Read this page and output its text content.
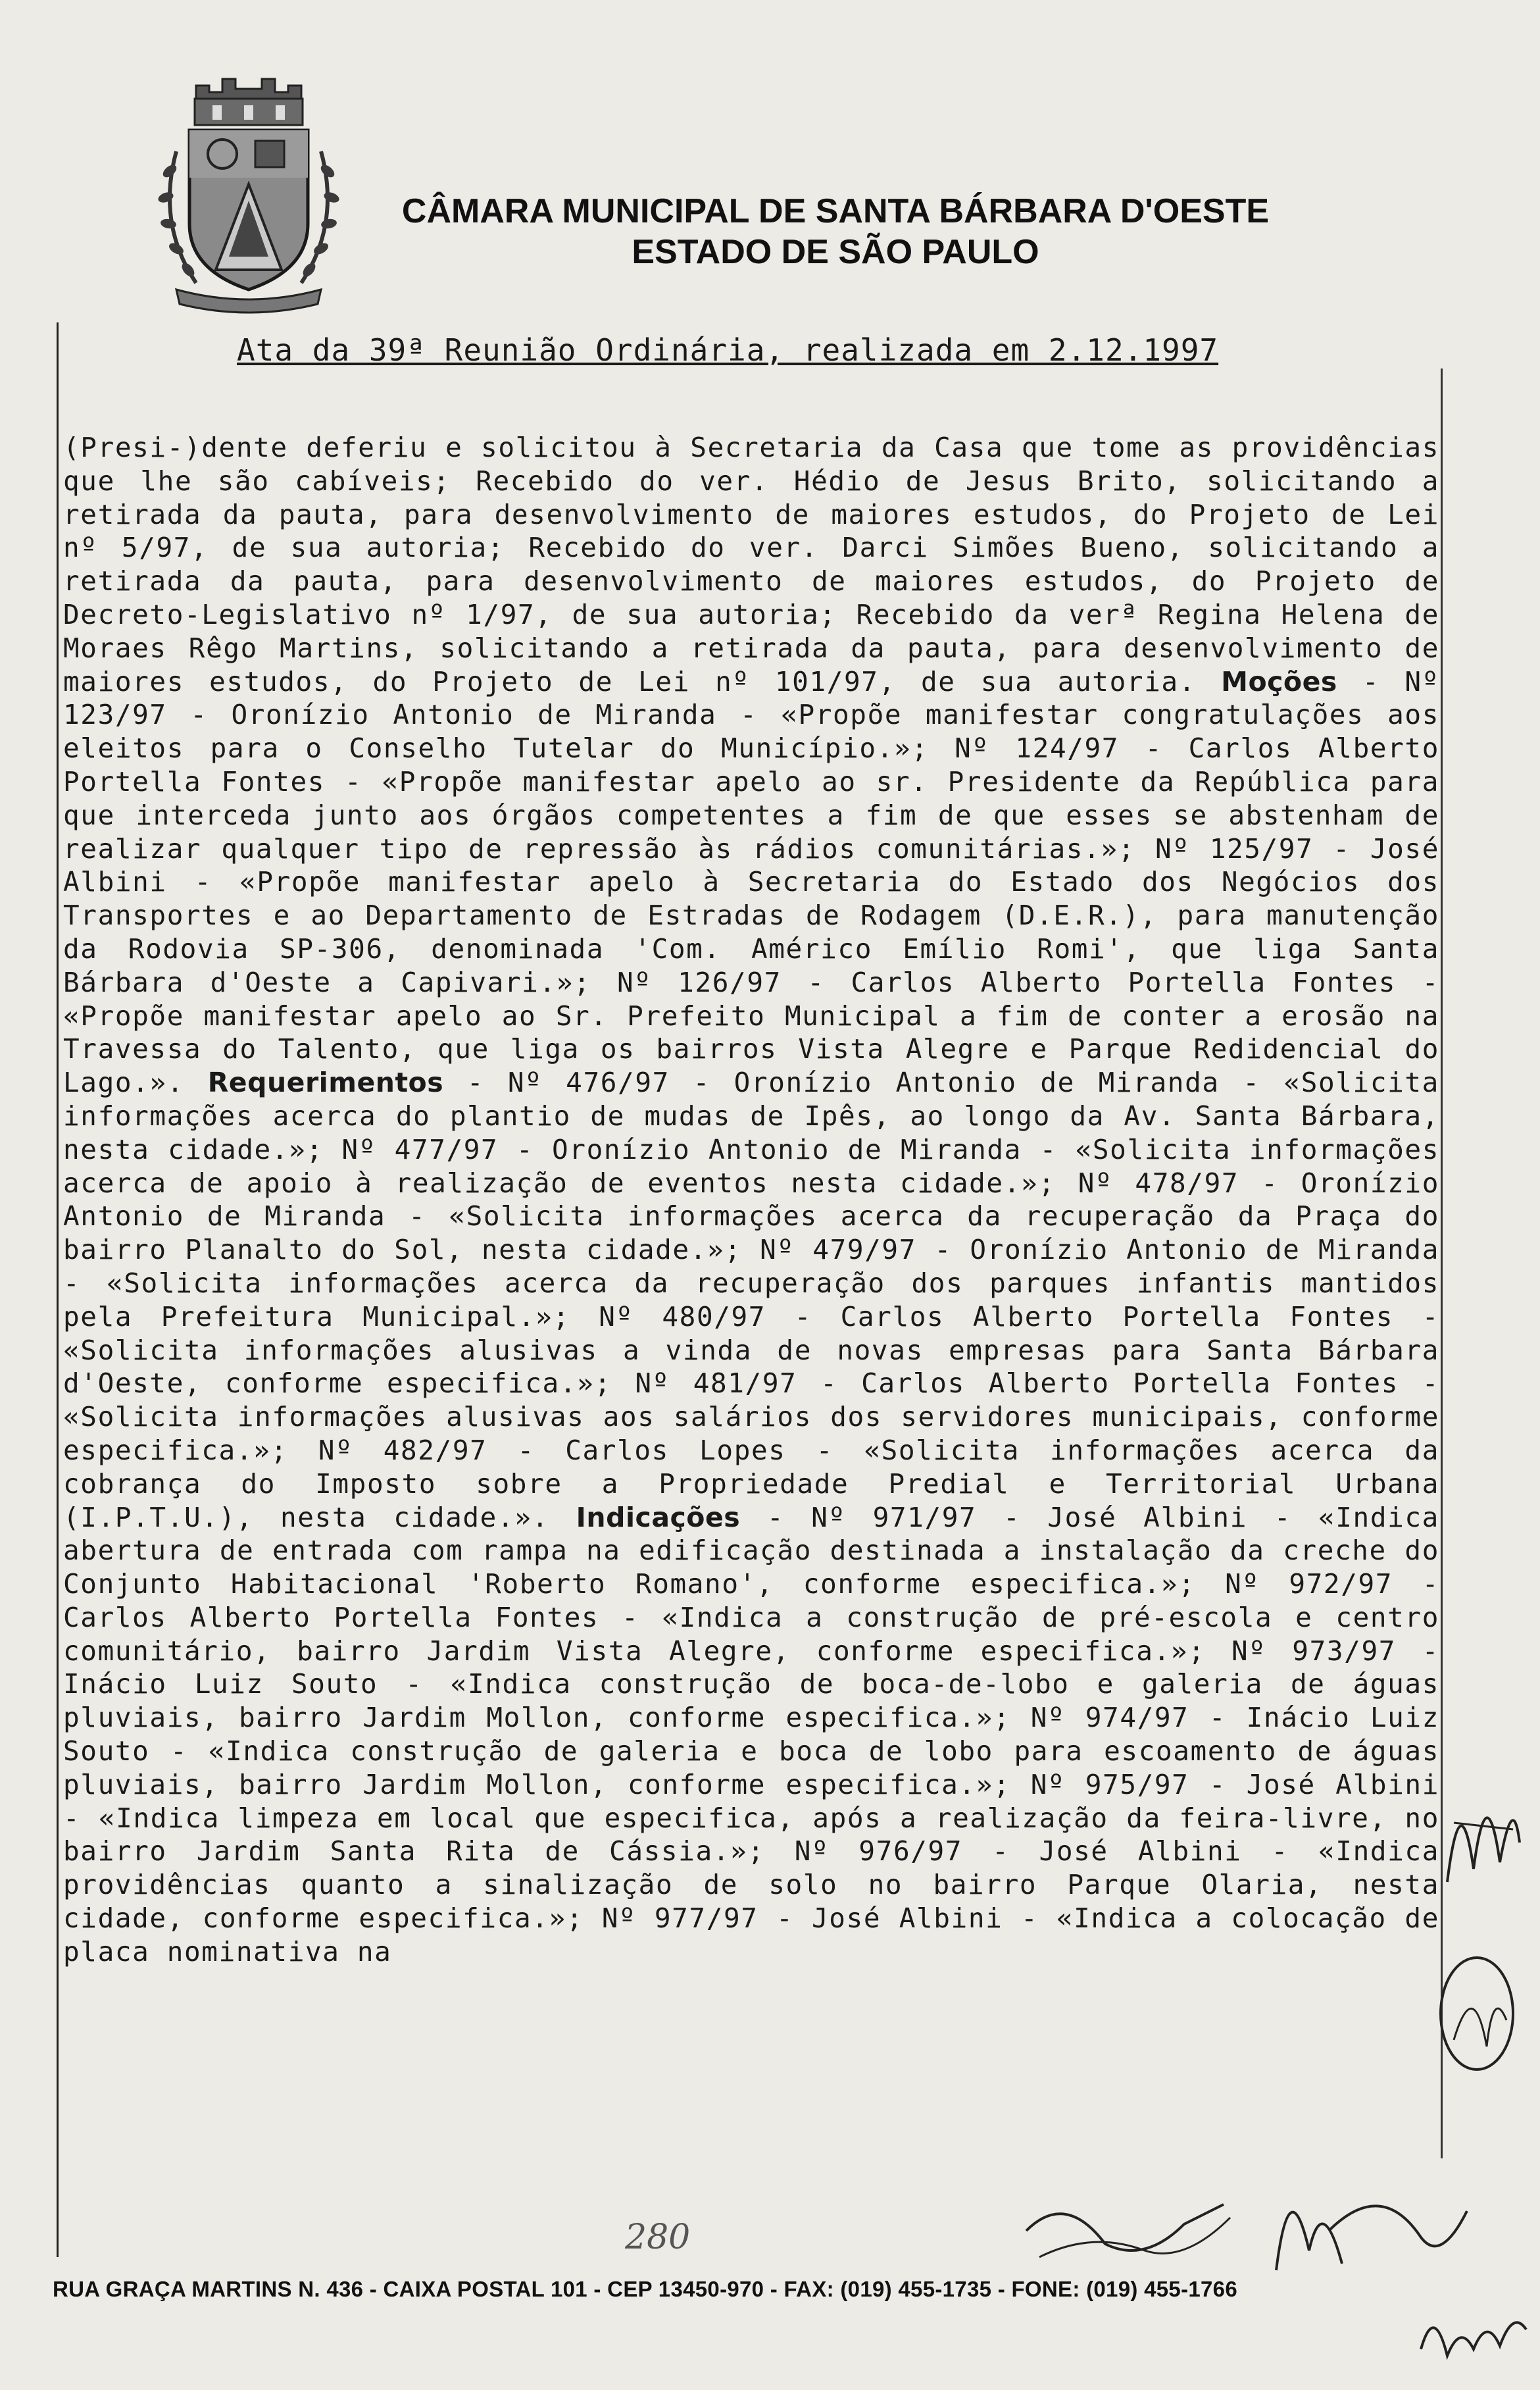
CÂMARA MUNICIPAL DE SANTA BÁRBARA D'OESTE
ESTADO DE SÃO PAULO
Ata da 39ª Reunião Ordinária, realizada em 2.12.1997
(Presi-)dente deferiu e solicitou à Secretaria da Casa que tome as providências que lhe são cabíveis; Recebido do ver. Hédio de Jesus Brito, solicitando a retirada da pauta, para desenvolvimento de maiores estudos, do Projeto de Lei nº 5/97, de sua autoria; Recebido do ver. Darci Simões Bueno, solicitando a retirada da pauta, para desenvolvimento de maiores estudos, do Projeto de Decreto-Legislativo nº 1/97, de sua autoria; Recebido da verª Regina Helena de Moraes Rêgo Martins, solicitando a retirada da pauta, para desenvolvimento de maiores estudos, do Projeto de Lei nº 101/97, de sua autoria. Moções - Nº 123/97 - Oronízio Antonio de Miranda - «Propõe manifestar congratulações aos eleitos para o Conselho Tutelar do Município.»; Nº 124/97 - Carlos Alberto Portella Fontes - «Propõe manifestar apelo ao sr. Presidente da República para que interceda junto aos órgãos competentes a fim de que esses se abstenham de realizar qualquer tipo de repressão às rádios comunitárias.»; Nº 125/97 - José Albini - «Propõe manifestar apelo à Secretaria do Estado dos Negócios dos Transportes e ao Departamento de Estradas de Rodagem (D.E.R.), para manutenção da Rodovia SP-306, denominada 'Com. Américo Emílio Romi', que liga Santa Bárbara d'Oeste a Capivari.»; Nº 126/97 - Carlos Alberto Portella Fontes - «Propõe manifestar apelo ao Sr. Prefeito Municipal a fim de conter a erosão na Travessa do Talento, que liga os bairros Vista Alegre e Parque Redidencial do Lago.». Requerimentos - Nº 476/97 - Oronízio Antonio de Miranda - «Solicita informações acerca do plantio de mudas de Ipês, ao longo da Av. Santa Bárbara, nesta cidade.»; Nº 477/97 - Oronízio Antonio de Miranda - «Solicita informações acerca de apoio à realização de eventos nesta cidade.»; Nº 478/97 - Oronízio Antonio de Miranda - «Solicita informações acerca da recuperação da Praça do bairro Planalto do Sol, nesta cidade.»; Nº 479/97 - Oronízio Antonio de Miranda - «Solicita informações acerca da recuperação dos parques infantis mantidos pela Prefeitura Municipal.»; Nº 480/97 - Carlos Alberto Portella Fontes - «Solicita informações alusivas a vinda de novas empresas para Santa Bárbara d'Oeste, conforme especifica.»; Nº 481/97 - Carlos Alberto Portella Fontes - «Solicita informações alusivas aos salários dos servidores municipais, conforme especifica.»; Nº 482/97 - Carlos Lopes - «Solicita informações acerca da cobrança do Imposto sobre a Propriedade Predial e Territorial Urbana (I.P.T.U.), nesta cidade.». Indicações - Nº 971/97 - José Albini - «Indica abertura de entrada com rampa na edificação destinada a instalação da creche do Conjunto Habitacional 'Roberto Romano', conforme especifica.»; Nº 972/97 - Carlos Alberto Portella Fontes - «Indica a construção de pré-escola e centro comunitário, bairro Jardim Vista Alegre, conforme especifica.»; Nº 973/97 - Inácio Luiz Souto - «Indica construção de boca-de-lobo e galeria de águas pluviais, bairro Jardim Mollon, conforme especifica.»; Nº 974/97 - Inácio Luiz Souto - «Indica construção de galeria e boca de lobo para escoamento de águas pluviais, bairro Jardim Mollon, conforme especifica.»; Nº 975/97 - José Albini - «Indica limpeza em local que especifica, após a realização da feira-livre, no bairro Jardim Santa Rita de Cássia.»; Nº 976/97 - José Albini - «Indica providências quanto a sinalização de solo no bairro Parque Olaria, nesta cidade, conforme especifica.»; Nº 977/97 - José Albini - «Indica a colocação de placa nominativa na
280
RUA GRAÇA MARTINS N. 436 - CAIXA POSTAL 101 - CEP 13450-970 - FAX: (019) 455-1735 - FONE: (019) 455-1766
